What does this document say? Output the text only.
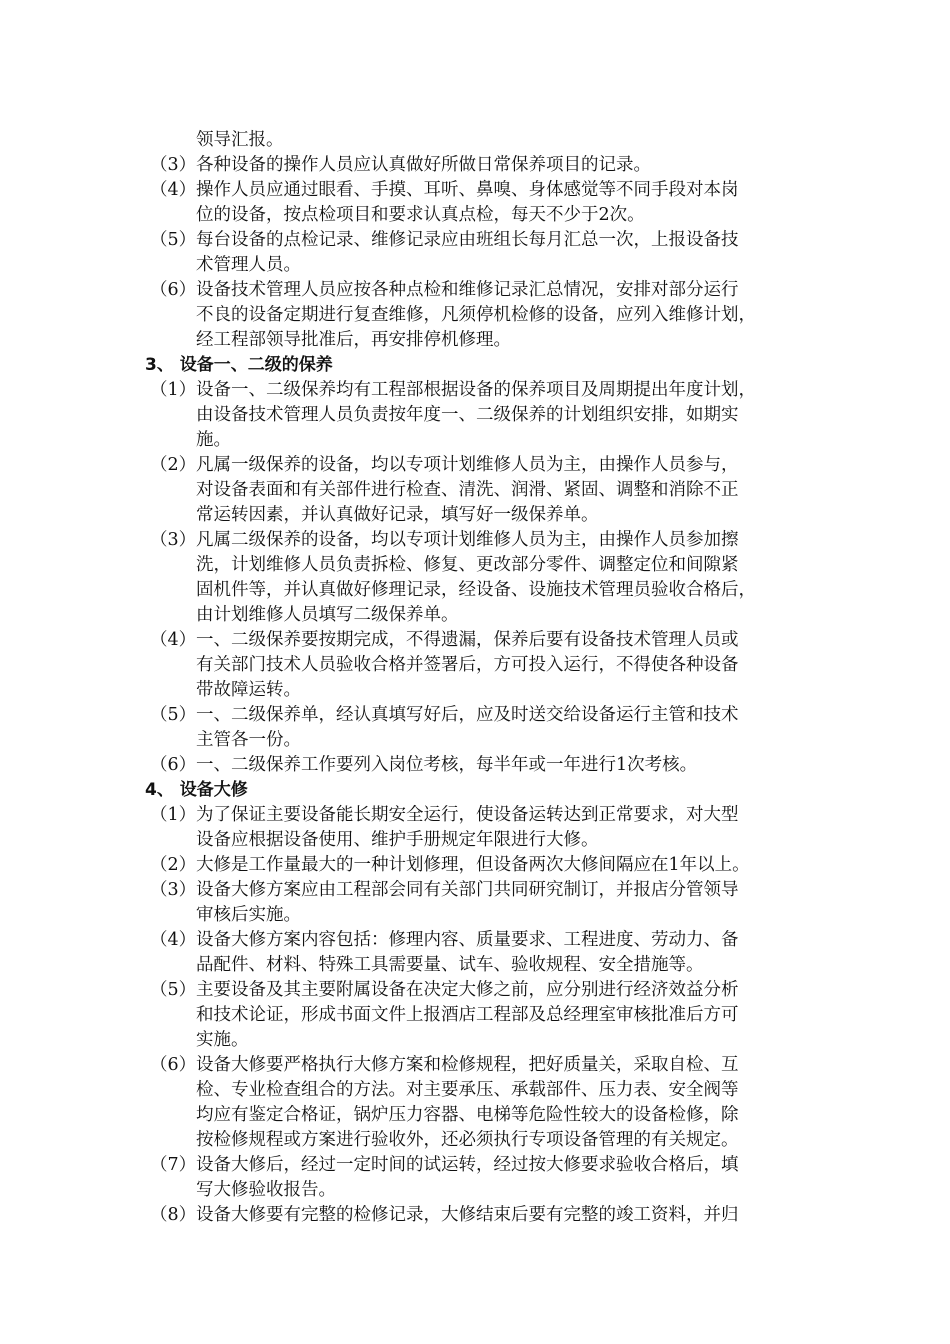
领导汇报。
（3） 各种设备的操作人员应认真做好所做日常保养项目的记录。
（4） 操作人员应通过眼看、手摸、耳听、鼻嗅、身体感觉等不同手段对本岗
位的设备，按点检项目和要求认真点检，每天不少于2次。
（5） 每台设备的点检记录、维修记录应由班组长每月汇总一次，上报设备技
术管理人员。
（6） 设备技术管理人员应按各种点检和维修记录汇总情况，安排对部分运行
不良的设备定期进行复查维修，凡须停机检修的设备，应列入维修计划，
经工程部领导批准后，再安排停机修理。
3、 设备一、二级的保养
（1） 设备一、二级保养均有工程部根据设备的保养项目及周期提出年度计划，
由设备技术管理人员负责按年度一、二级保养的计划组织安排，如期实
施。
（2） 凡属一级保养的设备，均以专项计划维修人员为主，由操作人员参与，
对设备表面和有关部件进行检查、清洗、润滑、紧固、调整和消除不正
常运转因素，并认真做好记录，填写好一级保养单。
（3） 凡属二级保养的设备，均以专项计划维修人员为主，由操作人员参加擦
洗，计划维修人员负责拆检、修复、更改部分零件、调整定位和间隙紧
固机件等，并认真做好修理记录，经设备、设施技术管理员验收合格后，
由计划维修人员填写二级保养单。
（4） 一、二级保养要按期完成，不得遗漏，保养后要有设备技术管理人员或
有关部门技术人员验收合格并签署后，方可投入运行，不得使各种设备
带故障运转。
（5） 一、二级保养单，经认真填写好后，应及时送交给设备运行主管和技术
主管各一份。
（6） 一、二级保养工作要列入岗位考核，每半年或一年进行1次考核。
4、 设备大修
（1） 为了保证主要设备能长期安全运行，使设备运转达到正常要求，对大型
设备应根据设备使用、维护手册规定年限进行大修。
（2） 大修是工作量最大的一种计划修理，但设备两次大修间隔应在1年以上。
（3） 设备大修方案应由工程部会同有关部门共同研究制订，并报店分管领导
审核后实施。
（4） 设备大修方案内容包括：修理内容、质量要求、工程进度、劳动力、备
品配件、材料、特殊工具需要量、试车、验收规程、安全措施等。
（5） 主要设备及其主要附属设备在决定大修之前，应分别进行经济效益分析
和技术论证，形成书面文件上报酒店工程部及总经理室审核批准后方可
实施。
（6） 设备大修要严格执行大修方案和检修规程，把好质量关，采取自检、互
检、专业检查组合的方法。对主要承压、承载部件、压力表、安全阀等
均应有鉴定合格证，锅炉压力容器、电梯等危险性较大的设备检修，除
按检修规程或方案进行验收外，还必须执行专项设备管理的有关规定。
（7） 设备大修后，经过一定时间的试运转，经过按大修要求验收合格后，填
写大修验收报告。
（8） 设备大修要有完整的检修记录，大修结束后要有完整的竣工资料，并归
